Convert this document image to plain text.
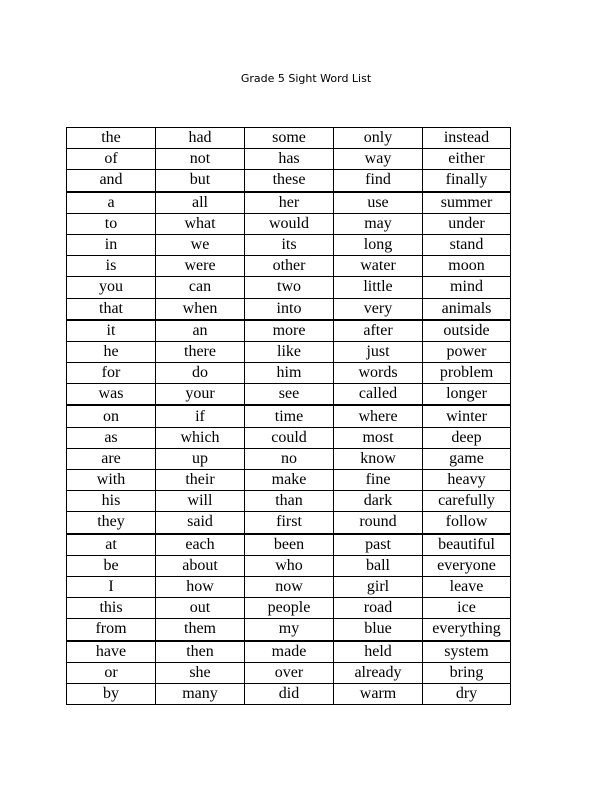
Grade 5 Sight Word List
the	had	some	only	instead
of	not	has	way	either
and	but	these	find	finally
a	all	her	use	summer
to	what	would	may	under
in	we	its	long	stand
is	were	other	water	moon
you	can	two	little	mind
that	when	into	very	animals
it	an	more	after	outside
he	there	like	just	power
for	do	him	words	problem
was	your	see	called	longer
on	if	time	where	winter
as	which	could	most	deep
are	up	no	know	game
with	their	make	fine	heavy
his	will	than	dark	carefully
they	said	first	round	follow
at	each	been	past	beautiful
be	about	who	ball	everyone
I	how	now	girl	leave
this	out	people	road	ice
from	them	my	blue	everything
have	then	made	held	system
or	she	over	already	bring
by	many	did	warm	dry
